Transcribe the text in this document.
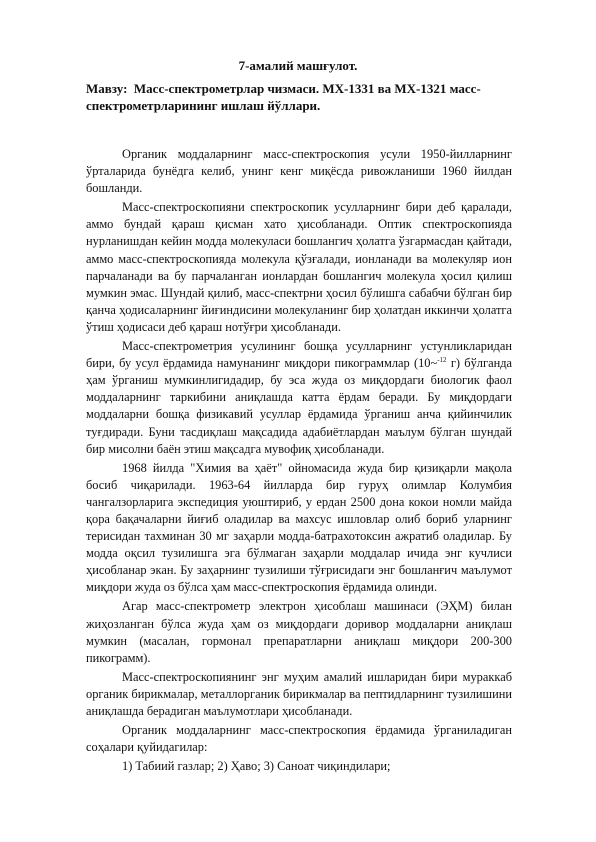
7-амалий машғулот.
Мавзу: Масс-спектрометрлар чизмаси. МХ-1331 ва МХ-1321 масс-спектрометрларининг ишлаш йўллари.

Органик моддаларнинг масс-спектроскопия усули 1950-йилларнинг ўрталарида бунёдга келиб, унинг кенг миқёсда ривожланиши 1960 йилдан бошланди.

Масс-спектроскопияни спектроскопик усулларнинг бири деб қаралади, аммо бундай қараш қисман хато ҳисобланади. Оптик спектроскопияда нурланишдан кейин модда молекуласи бошлангич ҳолатга ўзгармасдан қайтади, аммо масс-спектроскопияда молекула қўзғалади, ионланади ва молекуляр ион парчаланади ва бу парчаланган ионлардан бошлангич молекула ҳосил қилиш мумкин эмас. Шундай қилиб, масс-спектрни ҳосил бўлишга сабабчи бўлган бир қанча ҳодисаларнинг йиғиндисини молекуланинг бир ҳолатдан иккинчи ҳолатга ўтиш ҳодисаси деб қараш нотўғри ҳисобланади.

Масс-спектрометрия усулининг бошқа усулларнинг устунликларидан бири, бу усул ёрдамида намунанинг миқдори пикограммлар (10~$^{-12}$ г) бўлганда ҳам ўрганиш мумкинлигидадир, бу эса жуда оз миқдордаги биологик фаол моддаларнинг таркибини аниқлашда катта ёрдам беради. Бу миқдордаги моддаларни бошқа физикавий усуллар ёрдамида ўрганиш анча қийинчилик туғдиради. Буни тасдиқлаш мақсадида адабиётлардан маълум бўлган шундай бир мисолни баён этиш мақсадга мувофиқ ҳисобланади.

1968 йилда "Химия ва ҳаёт" ойномасида жуда бир қизиқарли мақола босиб чиқарилади. 1963-64 йилларда бир гуруҳ олимлар Колумбия чангалзорларига экспедиция уюштириб, у ердан 2500 дона кокои номли майда қора бақачаларни йиғиб оладилар ва махсус ишловлар олиб бориб уларнинг терисидан тахминан 30 мг заҳарли модда-батрахотоксин ажратиб оладилар. Бу модда оқсил тузилишга эга бўлмаган заҳарли моддалар ичида энг кучлиси ҳисобланар экан. Бу заҳарнинг тузилиши тўғрисидаги энг бошланғич маълумот миқдори жуда оз бўлса ҳам масс-спектроскопия ёрдамида олинди.

Агар масс-спектрометр электрон ҳисоблаш машинаси (ЭҲМ) билан жиҳозланган бўлса жуда ҳам оз миқдордаги доривор моддаларни аниқлаш мумкин (масалан, гормонал препаратларни аниқлаш миқдори 200-300 пикограмм).

Масс-спектроскопиянинг энг муҳим амалий ишларидан бири мураккаб органик бирикмалар, металлорганик бирикмалар ва пептидларнинг тузилишини аниқлашда берадиган маълумотлари ҳисобланади.

Органик моддаларнинг масс-спектроскопия ёрдамида ўрганиладиган соҳалари қуйидагилар:

1) Табиий газлар; 2) Ҳаво; 3) Саноат чиқиндилари;
